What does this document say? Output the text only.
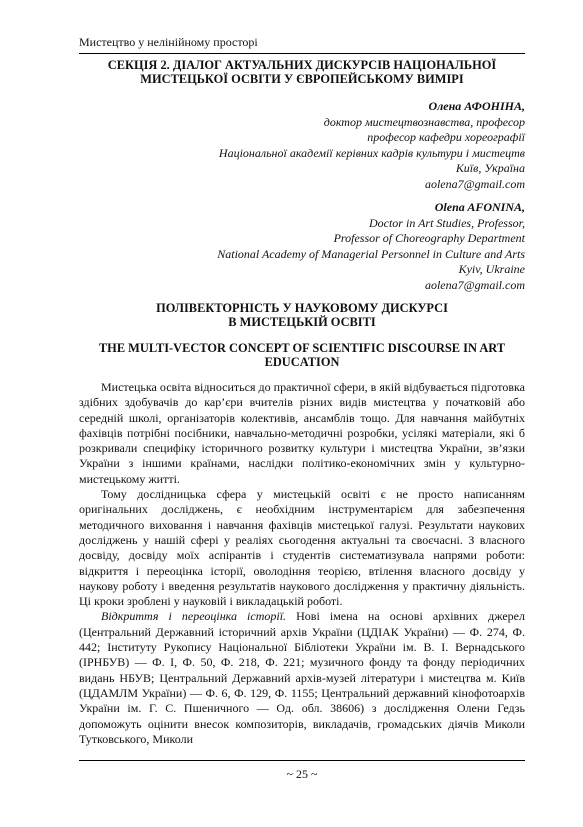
Мистецтво у нелінійному просторі
СЕКЦІЯ 2. ДІАЛОГ АКТУАЛЬНИХ ДИСКУРСІВ НАЦІОНАЛЬНОЇ
МИСТЕЦЬКОЇ ОСВІТИ У ЄВРОПЕЙСЬКОМУ ВИМІРІ
Олена АФОНІНА,
доктор мистецтвознавства, професор
професор кафедри хореографії
Національної академії керівних кадрів культури і мистецтв
Київ, Україна
aolena7@gmail.com
Olena AFONINA,
Doctor in Art Studies, Professor,
Professor of Choreography Department
National Academy of Managerial Personnel in Culture and Arts
Kyiv, Ukraine
aolena7@gmail.com
ПОЛІВЕКТОРНІСТЬ У НАУКОВОМУ ДИСКУРСІ
В МИСТЕЦЬКІЙ ОСВІТІ
THE MULTI-VECTOR CONCEPT OF SCIENTIFIC DISCOURSE IN ART
EDUCATION

Мистецька освіта відноситься до практичної сфери, в якій відбувається підготовка здібних здобувачів до кар’єри вчителів різних видів мистецтва у початковій або середній школі, організаторів колективів, ансамблів тощо. Для навчання майбутніх фахівців потрібні посібники, навчально-методичні розробки, усілякі матеріали, які б розкривали специфіку історичного розвитку культури і мистецтва України, зв’язки України з іншими країнами, наслідки політико-економічних змін у культурно-мистецькому житті.

Тому дослідницька сфера у мистецькій освіті є не просто написанням оригінальних досліджень, є необхідним інструментарієм для забезпечення методичного виховання і навчання фахівців мистецької галузі. Результати наукових досліджень у нашій сфері у реаліях сьогодення актуальні та своєчасні. З власного досвіду, досвіду моїх аспірантів і студентів систематизувала напрями роботи: відкриття і переоцінка історії, оволодіння теорією, втілення власного досвіду у наукову роботу і введення результатів наукового дослідження у практичну діяльність. Ці кроки зроблені у науковій і викладацькій роботі.

Відкриття і переоцінка історії. Нові імена на основі архівних джерел (Центральний Державний історичний архів України (ЦДІАК України) — Ф. 274, Ф. 442; Інституту Рукопису Національної Бібліотеки України ім. В. І. Вернадського (ІРНБУВ) — Ф. І, Ф. 50, Ф. 218, Ф. 221; музичного фонду та фонду періодичних видань НБУВ; Центральний Державний архів-музей літератури і мистецтва м. Київ (ЦДАМЛМ України) — Ф. 6, Ф. 129, Ф. 1155; Центральний державний кінофотоархів України ім. Г. С. Пшеничного — Од. обл. 38606) з дослідження Олени Гедзь допоможуть оцінити внесок композиторів, викладачів, громадських діячів Миколи Тутковського, Миколи

~ 25 ~
